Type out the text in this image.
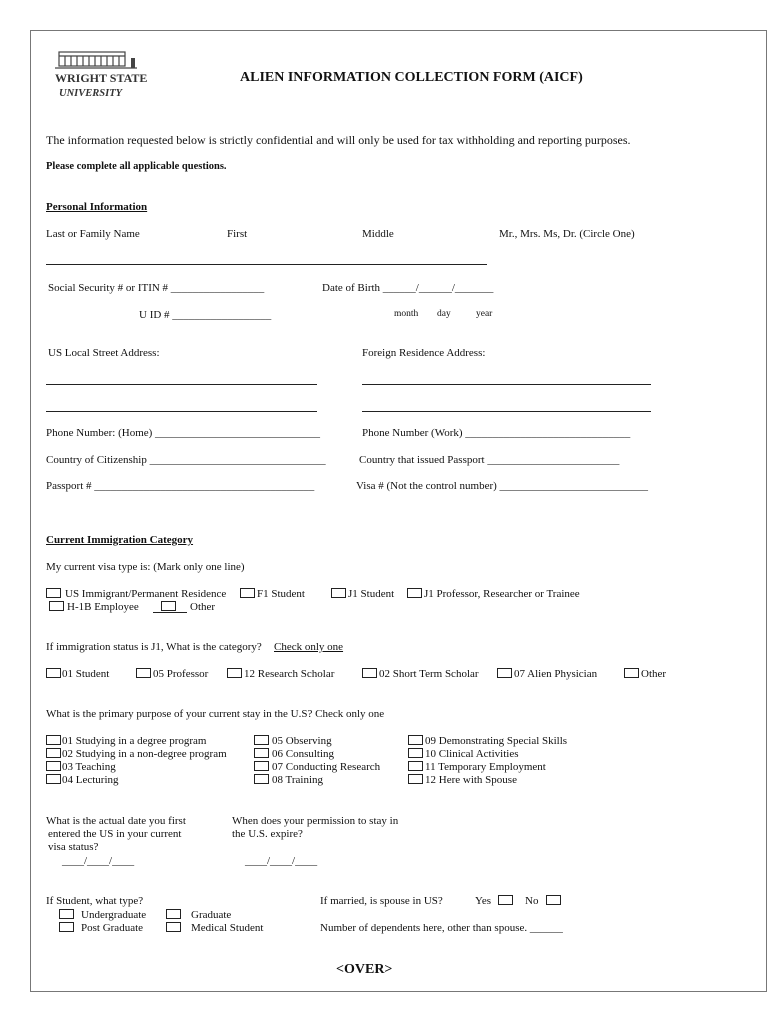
WRIGHT STATE
UNIVERSITY
ALIEN INFORMATION COLLECTION FORM (AICF)
The information requested below is strictly confidential and will only be used for tax withholding and reporting purposes.
Please complete all applicable questions.
Personal Information
Last or Family Name	First	Middle	Mr., Mrs. Ms, Dr. (Circle One)
Social Security # or ITIN # _________________	Date of Birth ______/______/_______
U ID # __________________	month day	year
US Local Street Address:	Foreign Residence Address:
Phone Number: (Home) ______________________________	Phone Number (Work) ______________________________
Country of Citizenship ________________________________	Country that issued Passport ________________________
Passport # ________________________________________	Visa # (Not the control number) ___________________________
Current Immigration Category
My current visa type is: (Mark only one line)
US Immigrant/Permanent Residence	F1 Student	J1 Student	J1 Professor, Researcher or Trainee
H-1B Employee	Other
If immigration status is J1, What is the category? Check only one
01 Student	05 Professor	12 Research Scholar	02 Short Term Scholar	07 Alien Physician	Other
What is the primary purpose of your current stay in the U.S? Check only one
01 Studying in a degree program
02 Studying in a non-degree program
03 Teaching
04 Lecturing
05 Observing
06 Consulting
07 Conducting Research
08 Training
09 Demonstrating Special Skills
10 Clinical Activities
11 Temporary Employment
12 Here with Spouse
What is the actual date you first
entered the US in your current
visa status?
____/____/____
When does your permission to stay in
the U.S. expire?
____/____/____
If Student, what type?
Undergraduate	Graduate
Post Graduate	Medical Student
If married, is spouse in US?	Yes	No
Number of dependents here, other than spouse. ______
<OVER>
